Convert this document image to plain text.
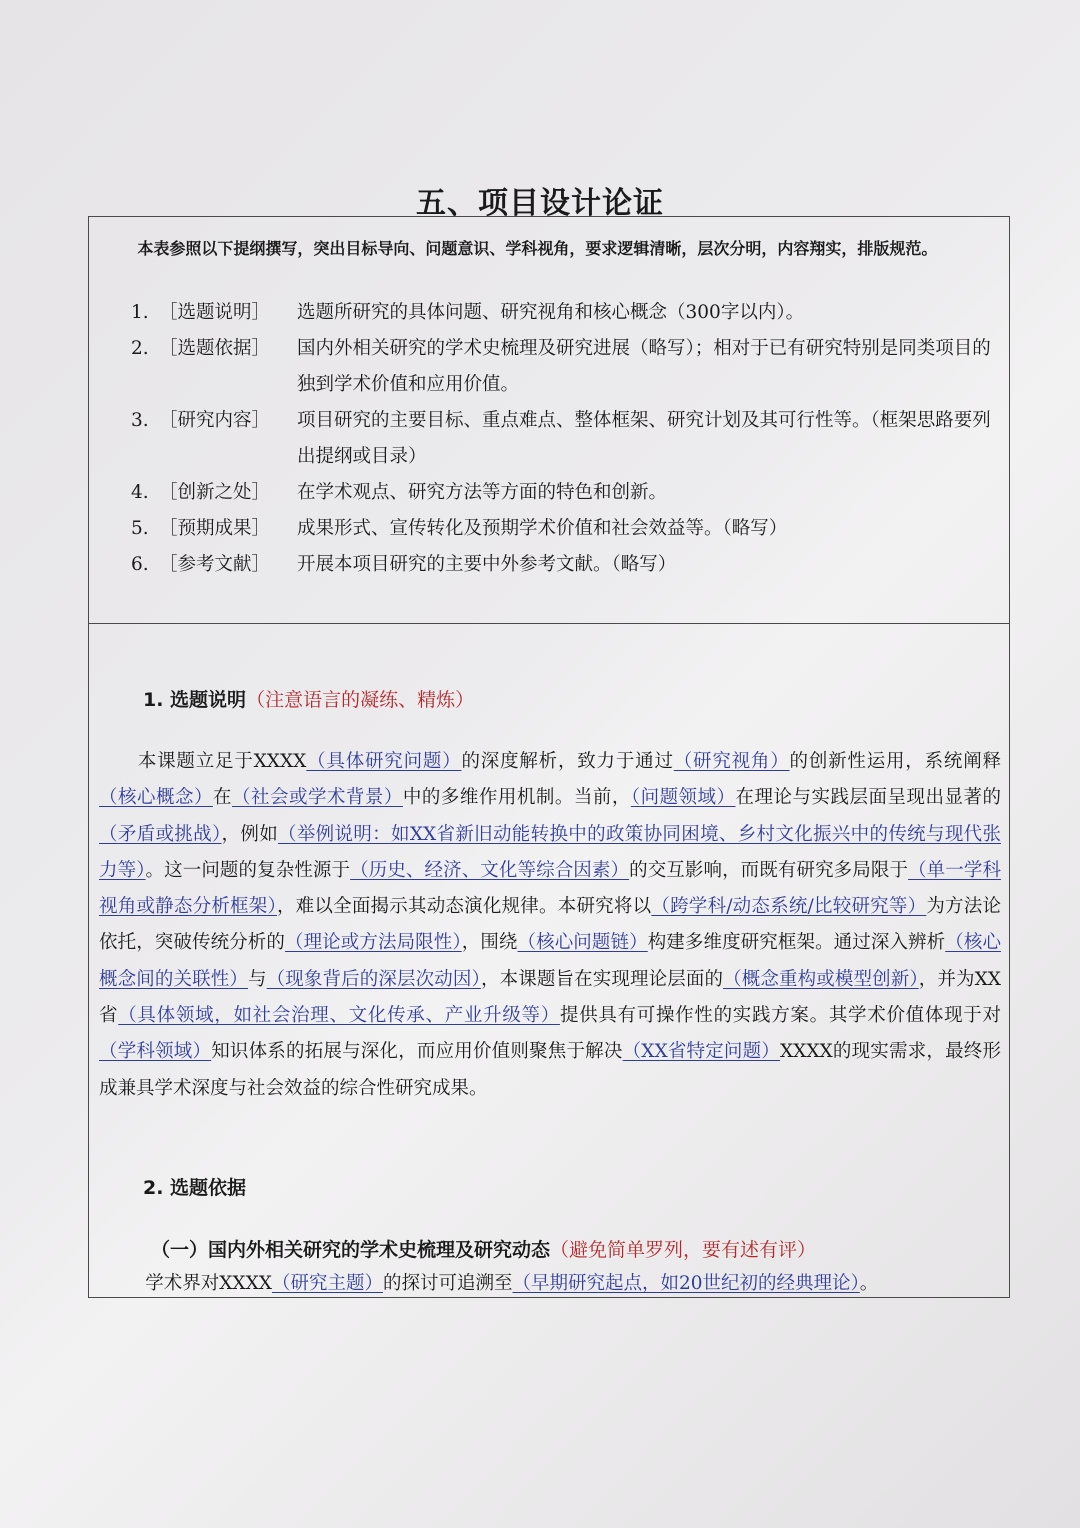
五、项目设计论证
本表参照以下提纲撰写，突出目标导向、问题意识、学科视角，要求逻辑清晰，层次分明，内容翔实，排版规范。
1. ［选题说明］	选题所研究的具体问题、研究视角和核心概念（300字以内）。
2. ［选题依据］	国内外相关研究的学术史梳理及研究进展（略写）；相对于已有研究特别是同类项目的独到学术价值和应用价值。
3. ［研究内容］	项目研究的主要目标、重点难点、整体框架、研究计划及其可行性等。（框架思路要列出提纲或目录）
4. ［创新之处］	在学术观点、研究方法等方面的特色和创新。
5. ［预期成果］	成果形式、宣传转化及预期学术价值和社会效益等。（略写）
6. ［参考文献］	开展本项目研究的主要中外参考文献。（略写）
1. 选题说明（注意语言的凝练、精炼）
本课题立足于XXXX（具体研究问题）的深度解析，致力于通过（研究视角）的创新性运用，系统阐释（核心概念）在（社会或学术背景）中的多维作用机制。当前，（问题领域）在理论与实践层面呈现出显著的（矛盾或挑战），例如（举例说明：如XX省新旧动能转换中的政策协同困境、乡村文化振兴中的传统与现代张力等）。这一问题的复杂性源于（历史、经济、文化等综合因素）的交互影响，而既有研究多局限于（单一学科视角或静态分析框架），难以全面揭示其动态演化规律。本研究将以（跨学科/动态系统/比较研究等）为方法论依托，突破传统分析的（理论或方法局限性），围绕（核心问题链）构建多维度研究框架。通过深入辨析（核心概念间的关联性）与（现象背后的深层次动因），本课题旨在实现理论层面的（概念重构或模型创新），并为XX省（具体领域，如社会治理、文化传承、产业升级等）提供具有可操作性的实践方案。其学术价值体现于对（学科领域）知识体系的拓展与深化，而应用价值则聚焦于解决（XX省特定问题）XXXX的现实需求，最终形成兼具学术深度与社会效益的综合性研究成果。
2. 选题依据
（一）国内外相关研究的学术史梳理及研究动态（避免简单罗列，要有述有评）
学术界对XXXX（研究主题）的探讨可追溯至（早期研究起点，如20世纪初的经典理论）。
